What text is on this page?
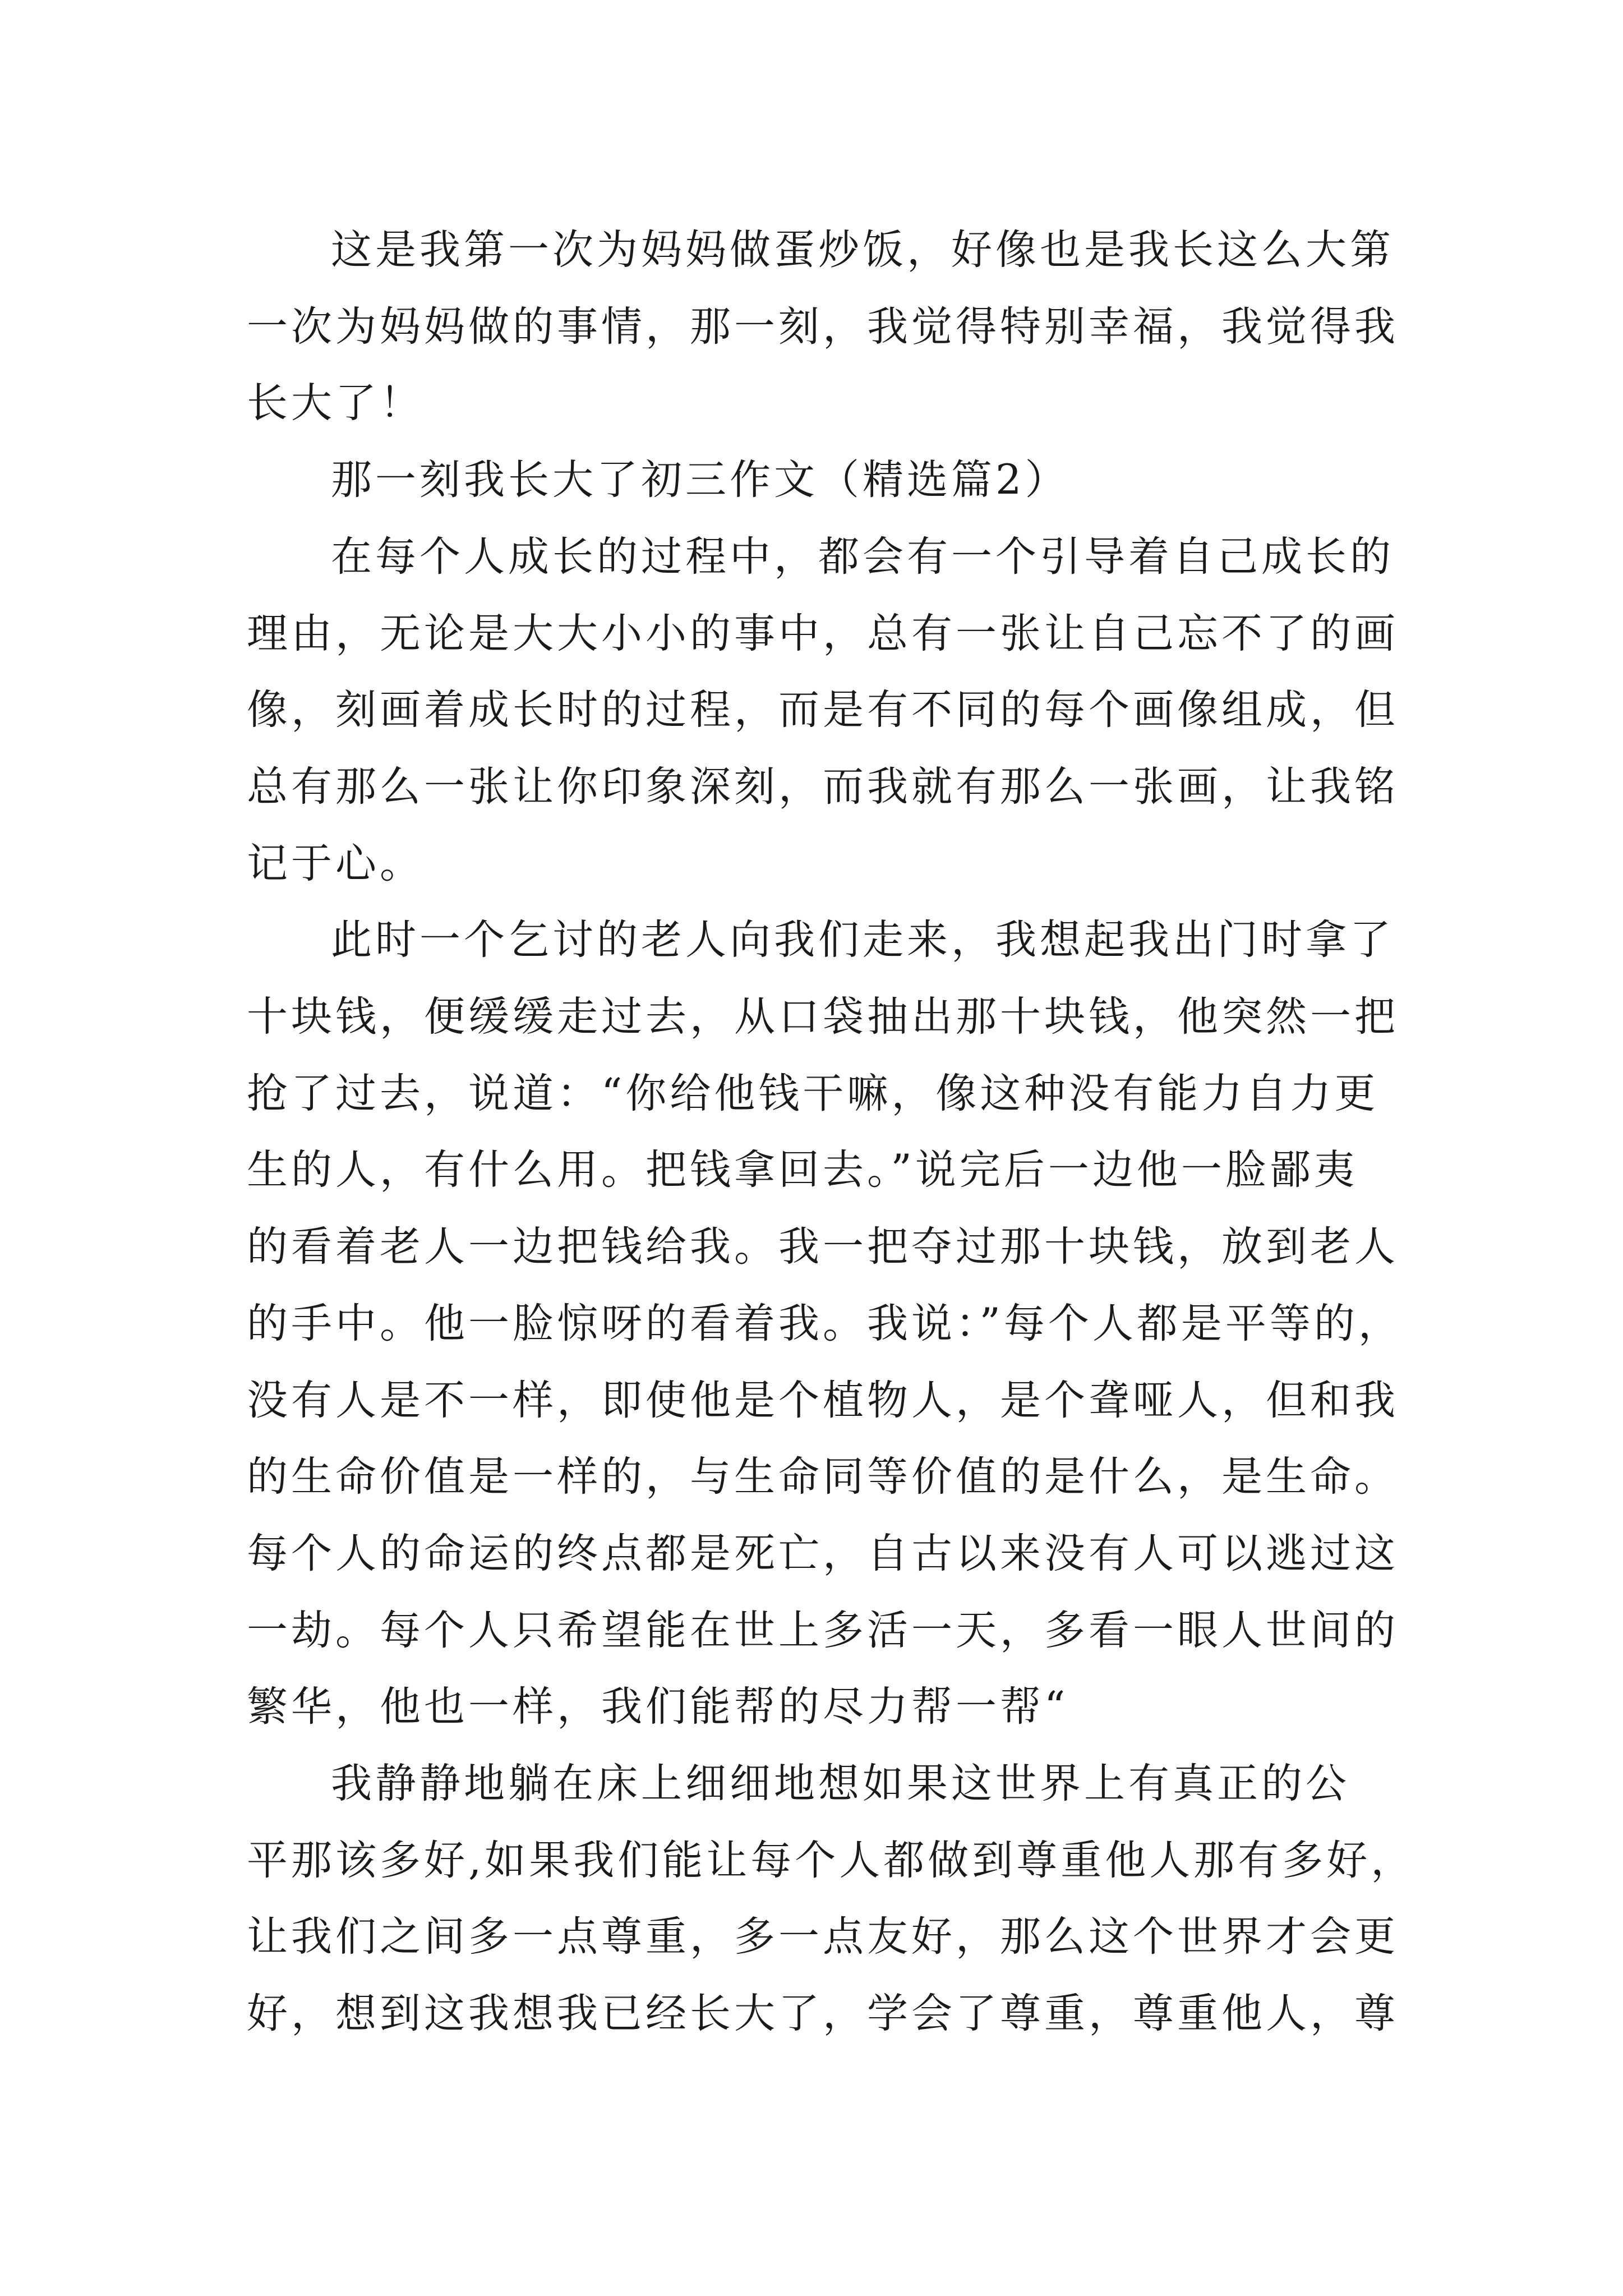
这是我第一次为妈妈做蛋炒饭，好像也是我长这么大第
一次为妈妈做的事情，那一刻，我觉得特别幸福，我觉得我
长大了！

那一刻我长大了初三作文（精选篇2）

在每个人成长的过程中，都会有一个引导着自己成长的
理由，无论是大大小小的事中，总有一张让自己忘不了的画
像，刻画着成长时的过程，而是有不同的每个画像组成，但
总有那么一张让你印象深刻，而我就有那么一张画，让我铭
记于心。

此时一个乞讨的老人向我们走来，我想起我出门时拿了
十块钱，便缓缓走过去，从口袋抽出那十块钱，他突然一把
抢了过去，说道：“你给他钱干嘛，像这种没有能力自力更
生的人，有什么用。把钱拿回去。”说完后一边他一脸鄙夷
的看着老人一边把钱给我。我一把夺过那十块钱，放到老人
的手中。他一脸惊呀的看着我。我说：”每个人都是平等的，
没有人是不一样，即使他是个植物人，是个聋哑人，但和我
的生命价值是一样的，与生命同等价值的是什么，是生命。
每个人的命运的终点都是死亡，自古以来没有人可以逃过这
一劫。每个人只希望能在世上多活一天，多看一眼人世间的
繁华，他也一样，我们能帮的尽力帮一帮“

我静静地躺在床上细细地想如果这世界上有真正的公
平那该多好,如果我们能让每个人都做到尊重他人那有多好，
让我们之间多一点尊重，多一点友好，那么这个世界才会更
好，想到这我想我已经长大了，学会了尊重，尊重他人，尊
